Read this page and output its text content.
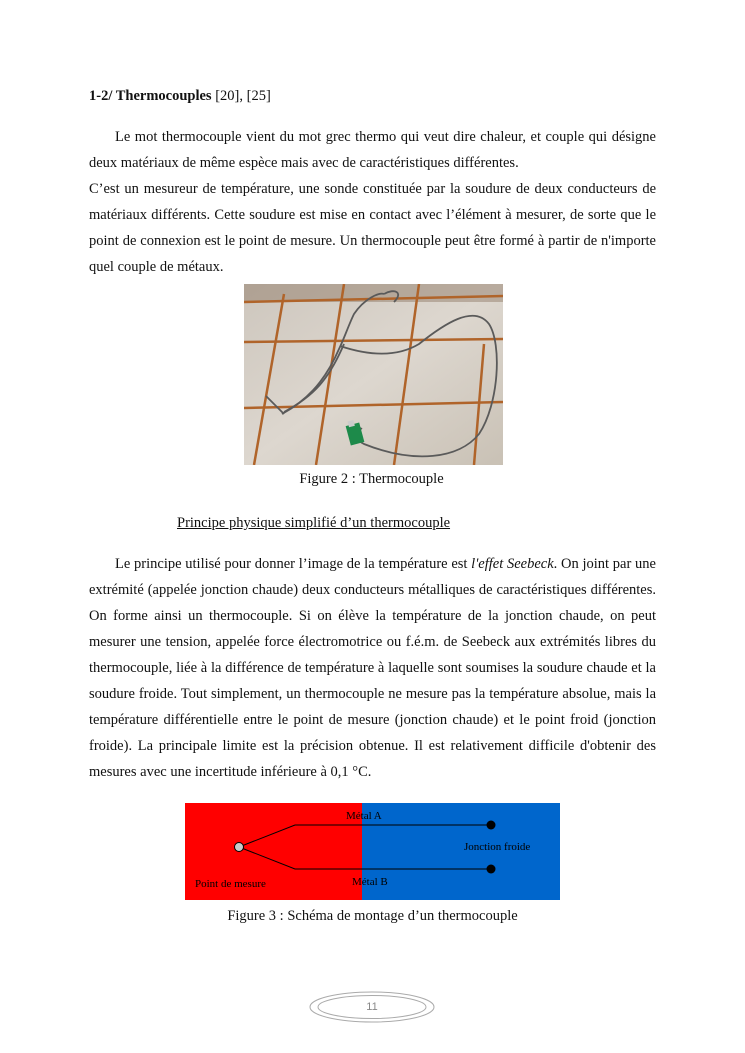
1-2/ Thermocouples [20], [25]

Le mot thermocouple vient du mot grec thermo qui veut dire chaleur, et couple qui désigne deux matériaux de même espèce mais avec de caractéristiques différentes.

C’est un mesureur de température, une sonde constituée par la soudure de deux conducteurs de matériaux différents. Cette soudure est mise en contact avec l’élément à mesurer, de sorte que le point de connexion est le point de mesure. Un thermocouple peut être formé à partir de n'importe quel couple de métaux.

Figure 2 : Thermocouple
Principe physique simplifié d’un thermocouple

Le principe utilisé pour donner l’image de la température est l'effet Seebeck. On joint par une extrémité (appelée jonction chaude) deux conducteurs métalliques de caractéristiques différentes. On forme ainsi un thermocouple. Si on élève la température de la jonction chaude, on peut mesurer une tension, appelée force électromotrice ou f.é.m. de Seebeck aux extrémités libres du thermocouple, liée à la différence de température à laquelle sont soumises la soudure chaude et la soudure froide. Tout simplement, un thermocouple ne mesure pas la température absolue, mais la température différentielle entre le point de mesure (jonction chaude) et le point froid (jonction froide). La principale limite est la précision obtenue. Il est relativement difficile d'obtenir des mesures avec une incertitude inférieure à 0,1 °C.

Métal A
Métal B
Jonction froide
Point de mesure
Figure 3 : Schéma de montage d’un thermocouple
11
